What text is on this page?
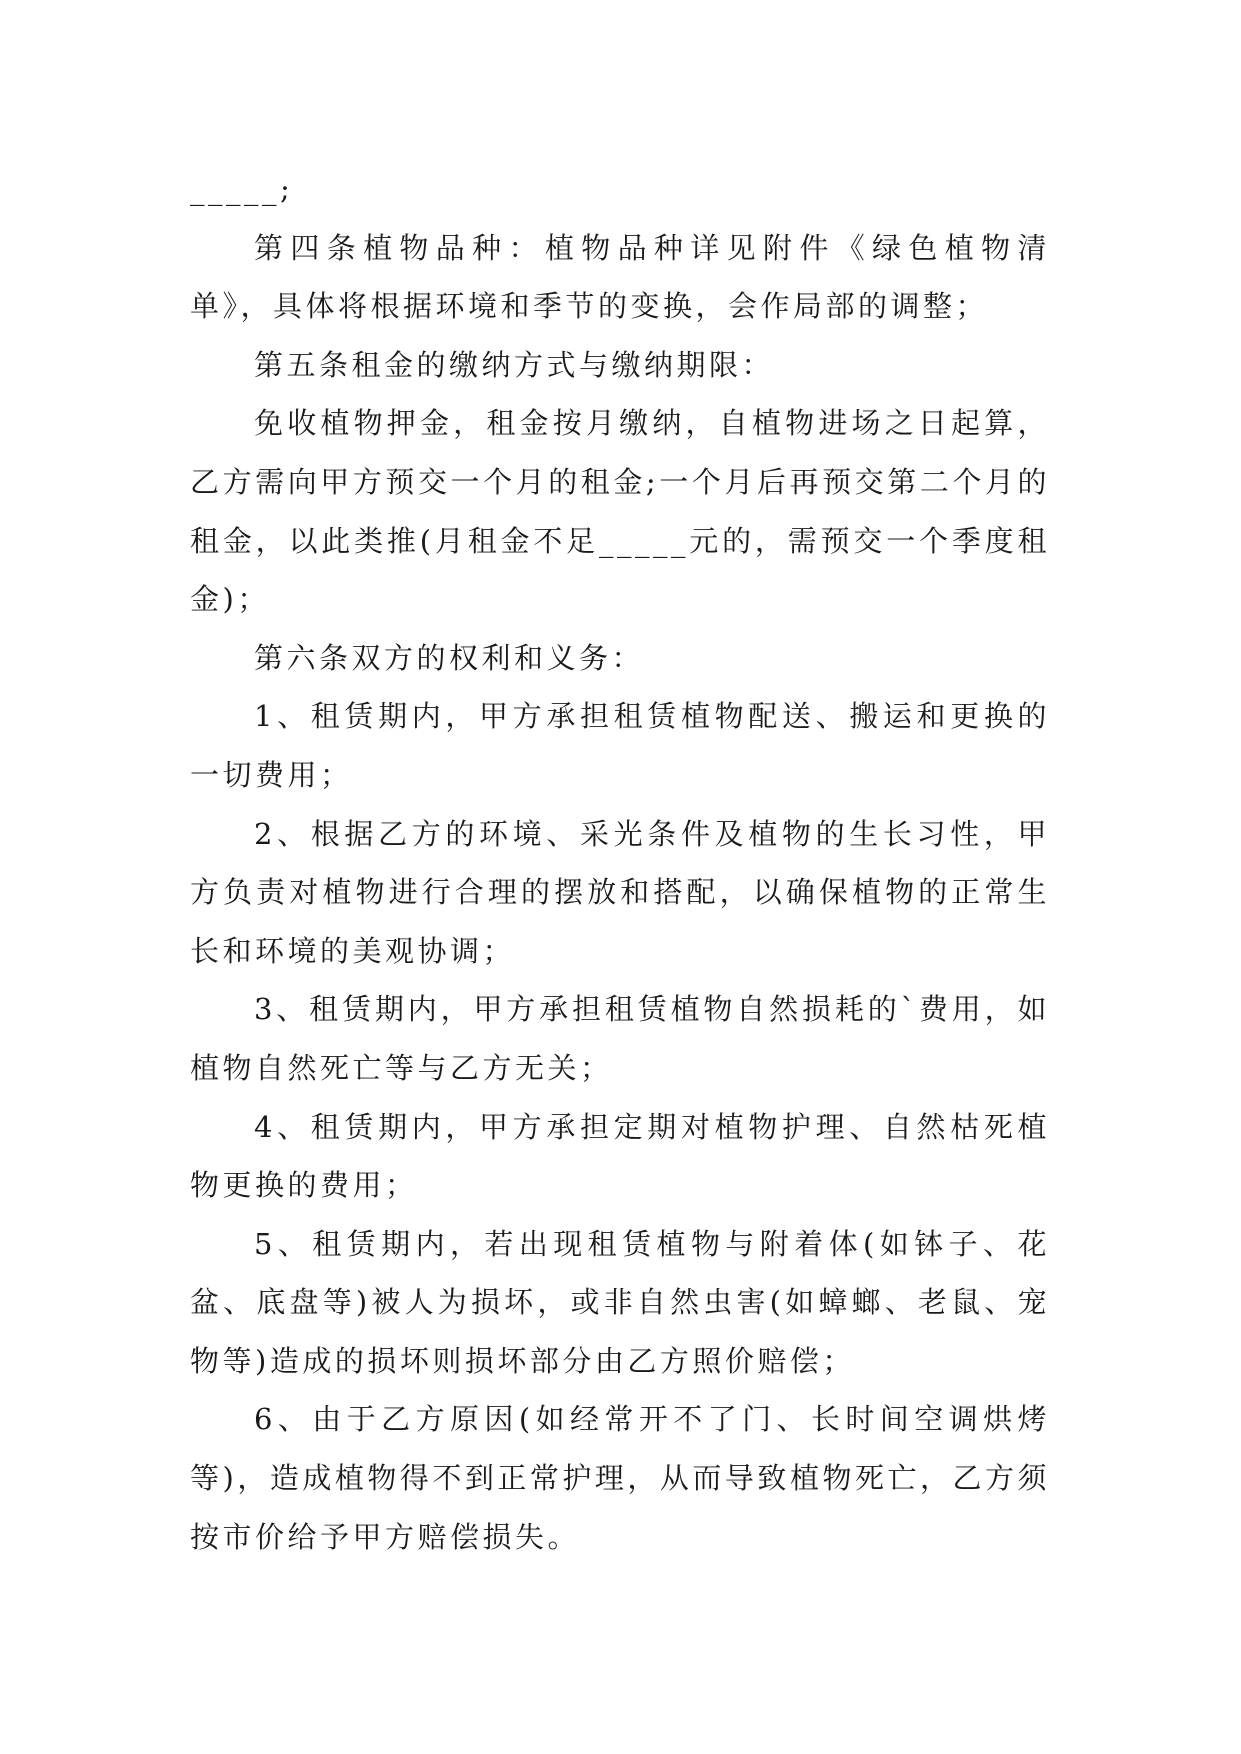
_____;

第四条植物品种：植物品种详见附件《绿色植物清单》，具体将根据环境和季节的变换，会作局部的调整；

第五条租金的缴纳方式与缴纳期限：

免收植物押金，租金按月缴纳，自植物进场之日起算，乙方需向甲方预交一个月的租金;一个月后再预交第二个月的租金，以此类推(月租金不足_____元的，需预交一个季度租金)；

第六条双方的权利和义务：

1、租赁期内，甲方承担租赁植物配送、搬运和更换的一切费用；

2、根据乙方的环境、采光条件及植物的生长习性，甲方负责对植物进行合理的摆放和搭配，以确保植物的正常生长和环境的美观协调；

3、租赁期内，甲方承担租赁植物自然损耗的`费用，如植物自然死亡等与乙方无关；

4、租赁期内，甲方承担定期对植物护理、自然枯死植物更换的费用；

5、租赁期内，若出现租赁植物与附着体(如钵子、花盆、底盘等)被人为损坏，或非自然虫害(如蟑螂、老鼠、宠物等)造成的损坏则损坏部分由乙方照价赔偿；

6、由于乙方原因(如经常开不了门、长时间空调烘烤等)，造成植物得不到正常护理，从而导致植物死亡，乙方须按市价给予甲方赔偿损失。
